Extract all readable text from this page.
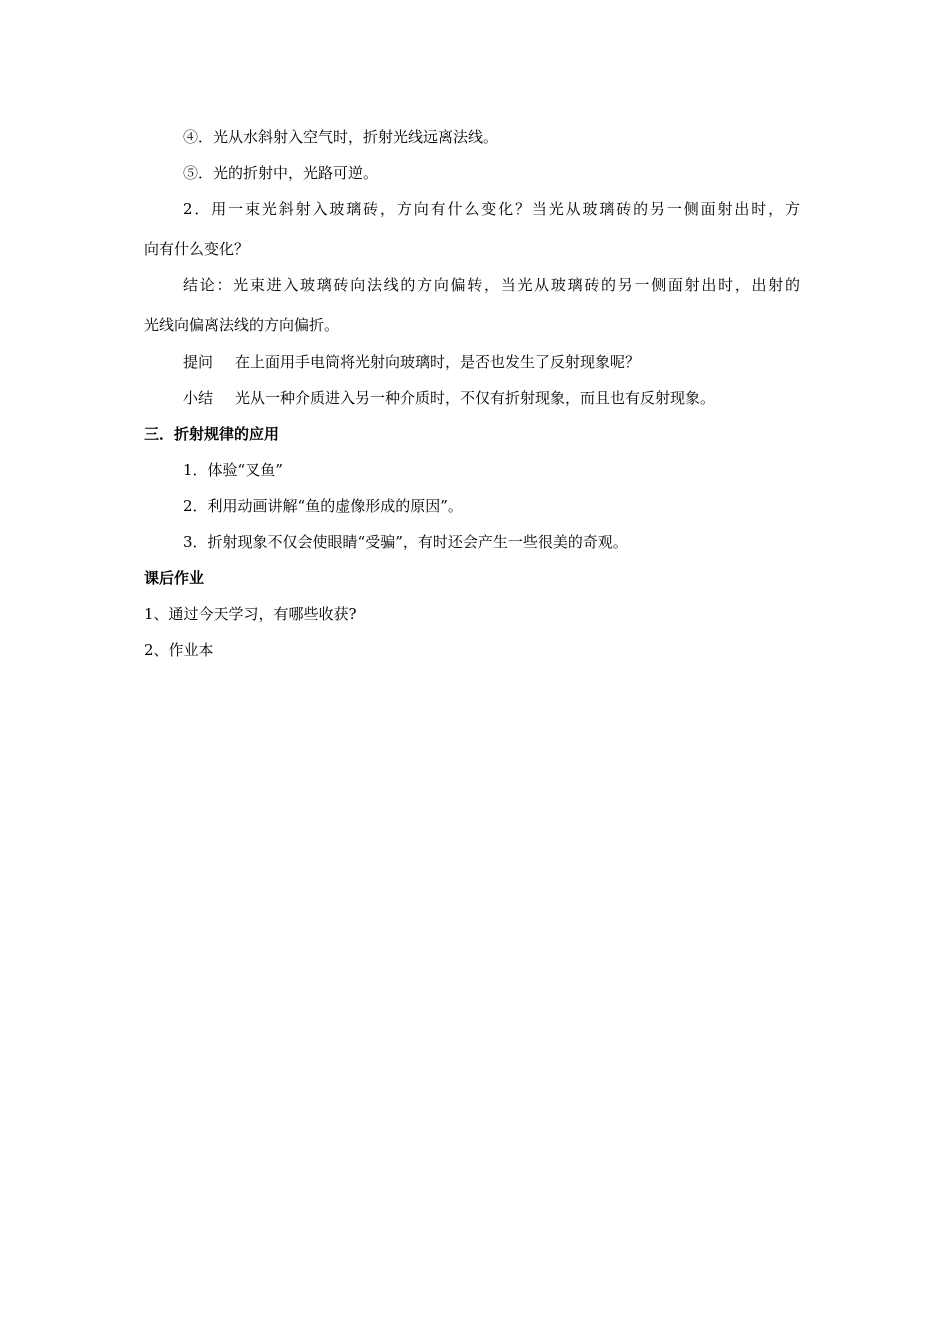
④．光从水斜射入空气时，折射光线远离法线。
⑤．光的折射中，光路可逆。
2．用一束光斜射入玻璃砖，方向有什么变化？当光从玻璃砖的另一侧面射出时，方
向有什么变化？
结论：光束进入玻璃砖向法线的方向偏转，当光从玻璃砖的另一侧面射出时，出射的
光线向偏离法线的方向偏折。
提问 在上面用手电筒将光射向玻璃时，是否也发生了反射现象呢？
小结 光从一种介质进入另一种介质时，不仅有折射现象，而且也有反射现象。
三．折射规律的应用
1．体验“叉鱼”
2．利用动画讲解“鱼的虚像形成的原因”。
3．折射现象不仅会使眼睛“受骗”，有时还会产生一些很美的奇观。
课后作业
1、通过今天学习，有哪些收获?
2、作业本
